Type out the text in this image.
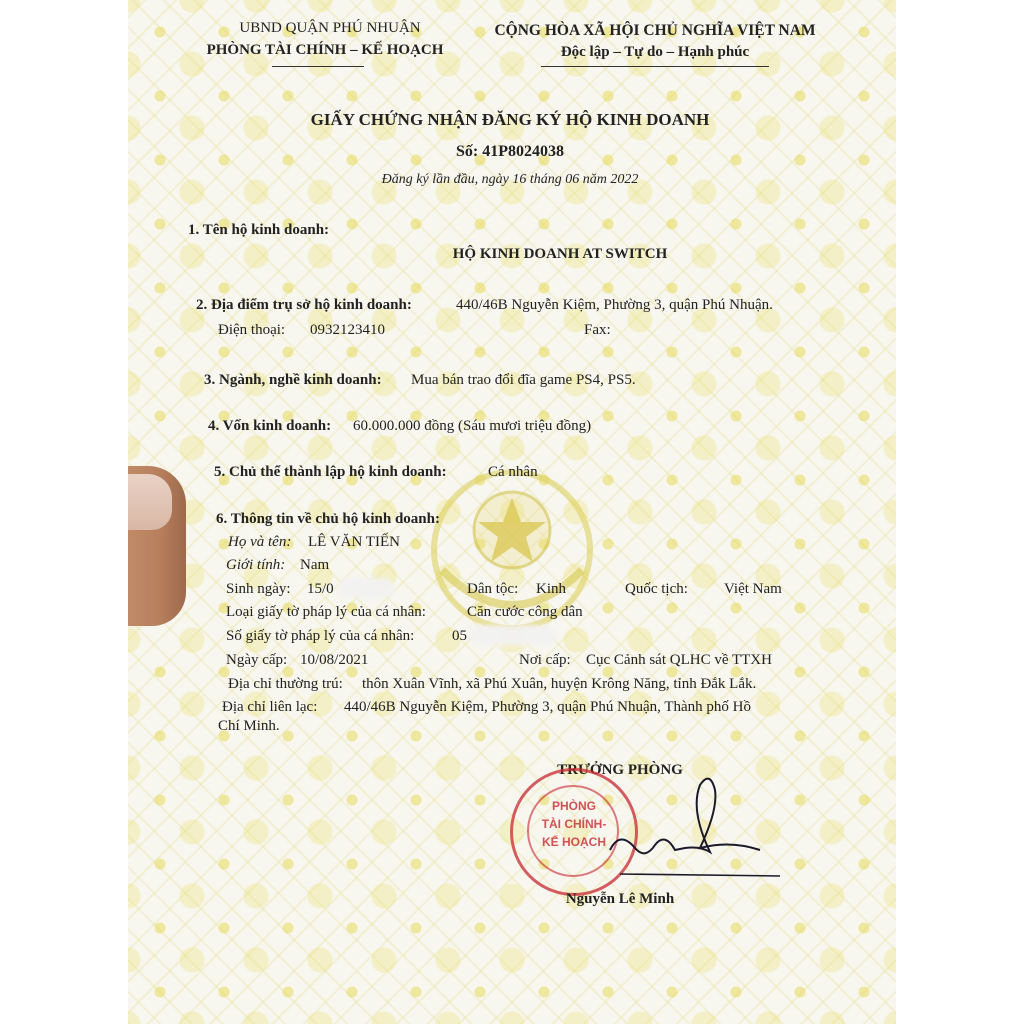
UBND QUẬN PHÚ NHUẬN
PHÒNG TÀI CHÍNH – KẾ HOẠCH
CỘNG HÒA XÃ HỘI CHỦ NGHĨA VIỆT NAM
Độc lập – Tự do – Hạnh phúc
GIẤY CHỨNG NHẬN ĐĂNG KÝ HỘ KINH DOANH
Số: 41P8024038
Đăng ký lần đầu, ngày 16 tháng 06 năm 2022
1. Tên hộ kinh doanh:
HỘ KINH DOANH AT SWITCH
2. Địa điểm trụ sở hộ kinh doanh:	440/46B Nguyễn Kiệm, Phường 3, quận Phú Nhuận.
Điện thoại: 0932123410	Fax:
3. Ngành, nghề kinh doanh: Mua bán trao đổi đĩa game PS4, PS5.
4. Vốn kinh doanh: 60.000.000 đồng (Sáu mươi triệu đồng)
5. Chủ thể thành lập hộ kinh doanh:	Cá nhân
6. Thông tin về chủ hộ kinh doanh:
Họ và tên: LÊ VĂN TIẾN
Giới tính: Nam
Sinh ngày: 15/0	Dân tộc: Kinh	Quốc tịch: Việt Nam
Loại giấy tờ pháp lý của cá nhân:	Căn cước công dân
Số giấy tờ pháp lý của cá nhân:	05
Ngày cấp: 10/08/2021	Nơi cấp: Cục Cảnh sát QLHC về TTXH
Địa chỉ thường trú: thôn Xuân Vĩnh, xã Phú Xuân, huyện Krông Năng, tỉnh Đắk Lắk.
Địa chỉ liên lạc: 440/46B Nguyễn Kiệm, Phường 3, quận Phú Nhuận, Thành phố Hồ
Chí Minh.
TRƯỞNG PHÒNG
PHÒNG
TÀI CHÍNH-
KẾ HOẠCH
Nguyễn Lê Minh
